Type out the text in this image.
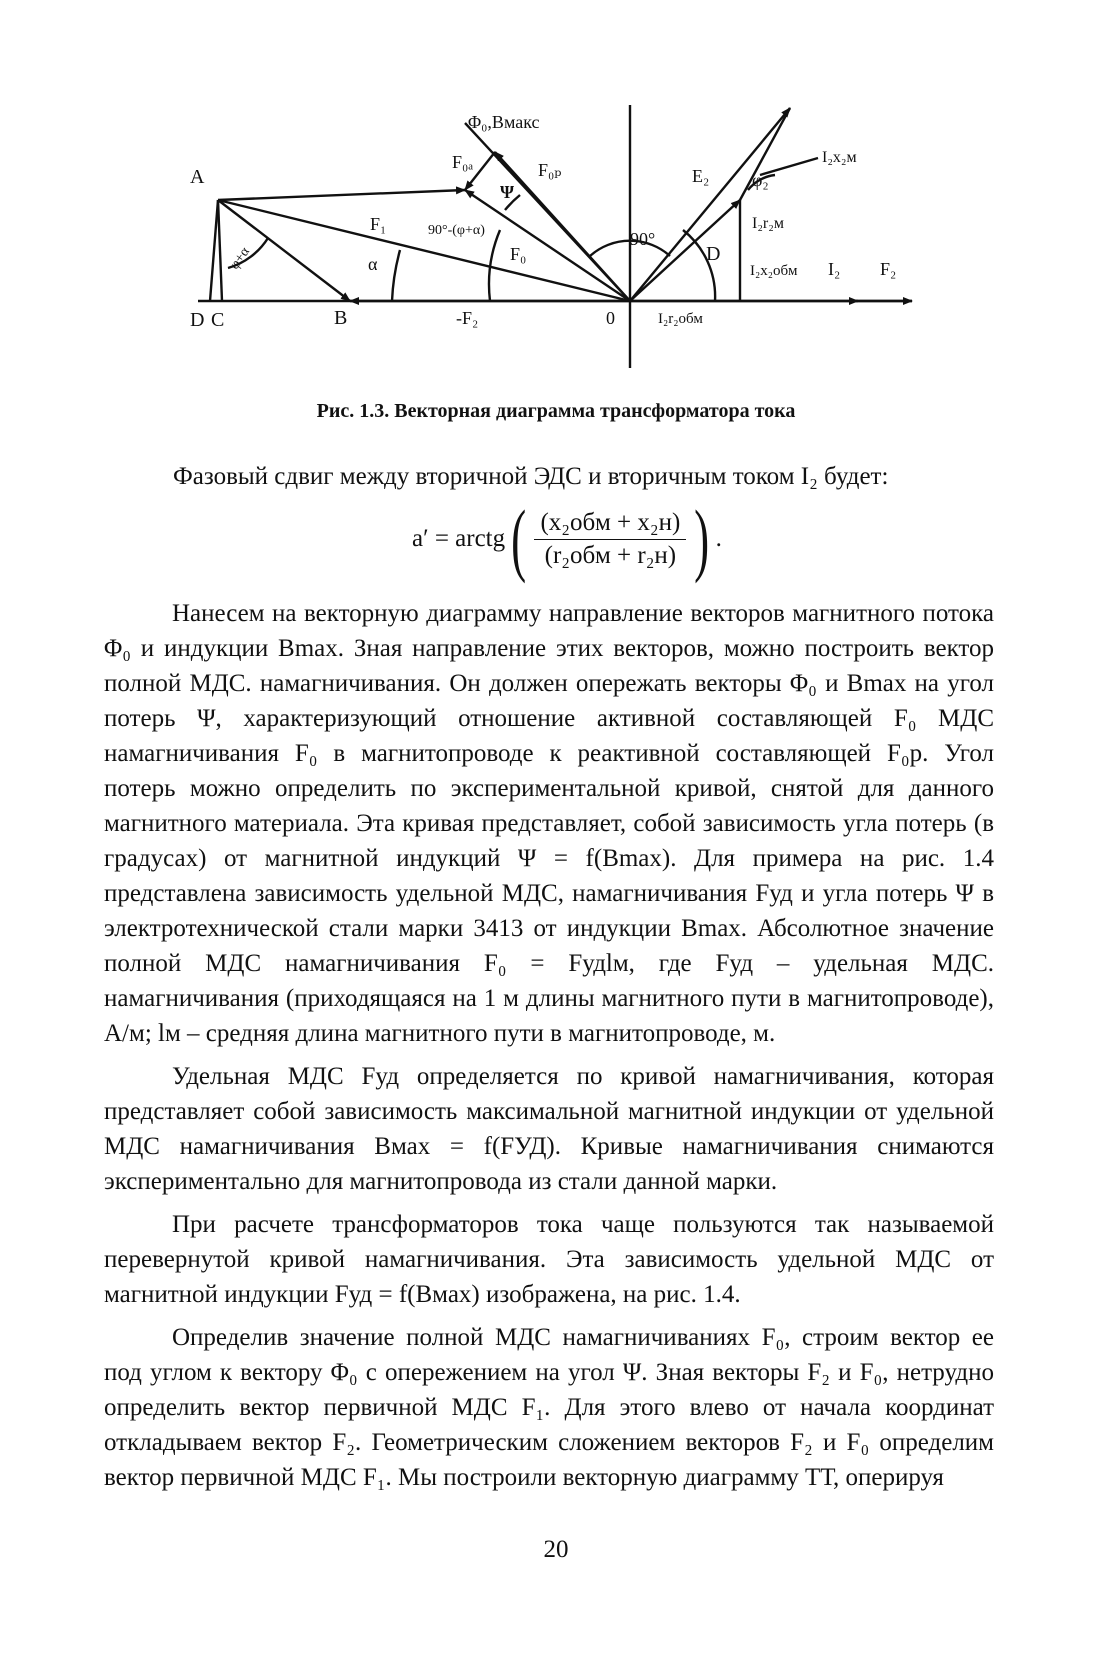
Φ₀,Bмакс
F₀ₐ	F₀ₚ
Ψ
A
F₁	90°-(φ+α)
F₀
φ+α	α
D C	B	-F₂	0
90°
E₂ φ₂
I₂x₂м
I₂r₂м
D
I₂x₂обм I₂ F₂
I₂r₂обм
Рис. 1.3. Векторная диаграмма трансформатора тока
Фазовый сдвиг между вторичной ЭДС и вторичным током I₂ будет:
a′ = arctg ( $\frac{\text{(x₂обм + x₂н)}}{\text{(r₂обм + r₂н)}}$ ) .

Нанесем на векторную диаграмму направление векторов магнитного потока Φ₀ и индукции Bmax. Зная направление этих векторов, можно построить вектор полной МДС. намагничивания. Он должен опережать векторы Φ₀ и Bmax на угол потерь Ψ, характеризующий отношение активной составляющей F₀ МДС намагничивания F₀ в магнитопроводе к реактивной составляющей F₀p. Угол потерь можно определить по экспериментальной кривой, снятой для данного магнитного материала. Эта кривая представляет, собой зависимость угла потерь (в градусах) от магнитной индукций Ψ = f(Bmax). Для примера на рис. 1.4 представлена зависимость удельной МДС, намагничивания Fуд и угла потерь Ψ в электротехнической стали марки 3413 от индукции Bmax. Абсолютное значение полной МДС намагничивания F₀ = Fудlм, где Fуд – удельная МДС. намагничивания (приходящаяся на 1 м длины магнитного пути в магнитопроводе), А/м; lм – средняя длина магнитного пути в магнитопроводе, м.

Удельная МДС Fуд определяется по кривой намагничивания, которая представляет собой зависимость максимальной магнитной индукции от удельной МДС намагничивания Bмах = f(FУД). Кривые намагничивания снимаются экспериментально для магнитопровода из стали данной марки.

При расчете трансформаторов тока чаще пользуются так называемой перевернутой кривой намагничивания. Эта зависимость удельной МДС от магнитной индукции Fуд = f(Bмах) изображена, на рис. 1.4.

Определив значение полной МДС намагничиваниях F₀, строим вектор ее под углом к вектору Φ₀ с опережением на угол Ψ. Зная векторы F₂ и F₀, нетрудно определить вектор первичной МДС F₁. Для этого влево от начала координат откладываем вектор F₂. Геометрическим сложением векторов F₂ и F₀ определим вектор первичной МДС F₁. Мы построили векторную диаграмму ТТ, оперируя

20
